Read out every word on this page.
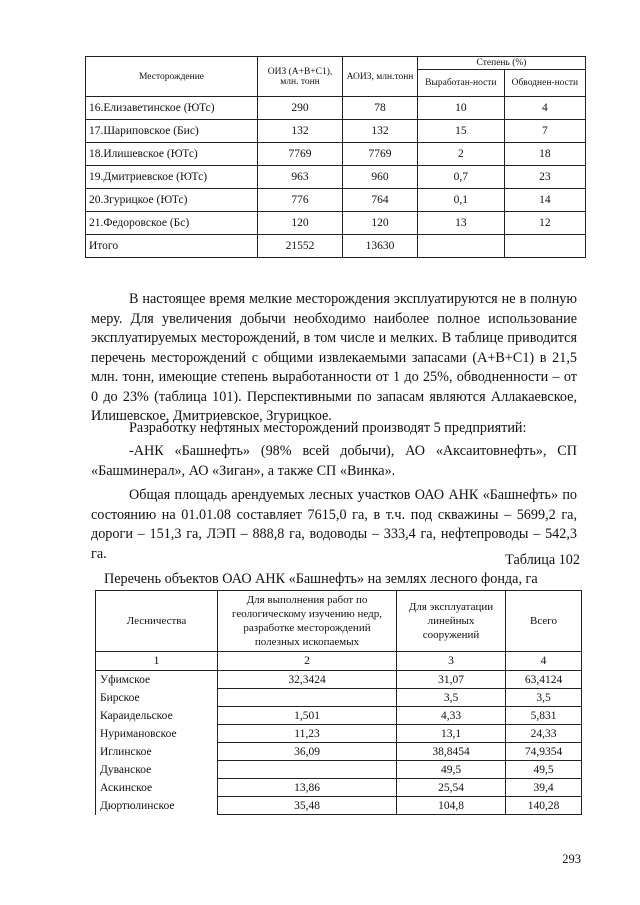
Месторождение	ОИЗ (А+В+С1), млн. тонн	АОИЗ, млн.тонн	Степень (%)	
			Выработан-ности	Обводнен-ности
16.Елизаветинское (ЮТс)	290	78	10	4
17.Шариповское (Бис)	132	132	15	7
18.Илишевское (ЮТс)	7769	7769	2	18
19.Дмитриевское (ЮТс)	963	960	0,7	23
20.Згурицкое (ЮТс)	776	764	0,1	14
21.Федоровское (Бс)	120	120	13	12
Итого	21552	13630		

В настоящее время мелкие месторождения эксплуатируются не в полную меру. Для увеличения добычи необходимо наиболее полное использование эксплуатируемых месторождений, в том числе и мелких. В таблице приводится перечень месторождений с общими извлекаемыми запасами (А+В+С1) в 21,5 млн. тонн, имеющие степень выработанности от 1 до 25%, обводненности – от 0 до 23% (таблица 101). Перспективными по запасам являются Аллакаевское, Илишевское, Дмитриевское, Згурицкое.

Разработку нефтяных месторождений производят 5 предприятий:

-АНК «Башнефть» (98% всей добычи), АО «Аксаитовнефть», СП «Башминерал», АО «Зиган», а также СП «Винка».

Общая площадь арендуемых лесных участков ОАО АНК «Башнефть» по состоянию на 01.01.08 составляет 7615,0 га, в т.ч. под скважины – 5699,2 га, дороги – 151,3 га, ЛЭП – 888,8 га, водоводы – 333,4 га, нефтепроводы – 542,3 га.	Таблица 102
Перечень объектов ОАО АНК «Башнефть» на землях лесного фонда, га
Лесничества	Для выполнения работ по геологическому изучению недр, разработке месторождений полезных ископаемых	Для эксплуатации линейных сооружений	Всего
1	2	3	4
Уфимское	32,3424	31,07	63,4124
Бирское		3,5	3,5
Караидельское	1,501	4,33	5,831
Нуримановское	11,23	13,1	24,33
Иглинское	36,09	38,8454	74,9354
Дуванское		49,5	49,5
Аскинское	13,86	25,54	39,4
Дюртюлинское	35,48	104,8	140,28
293
